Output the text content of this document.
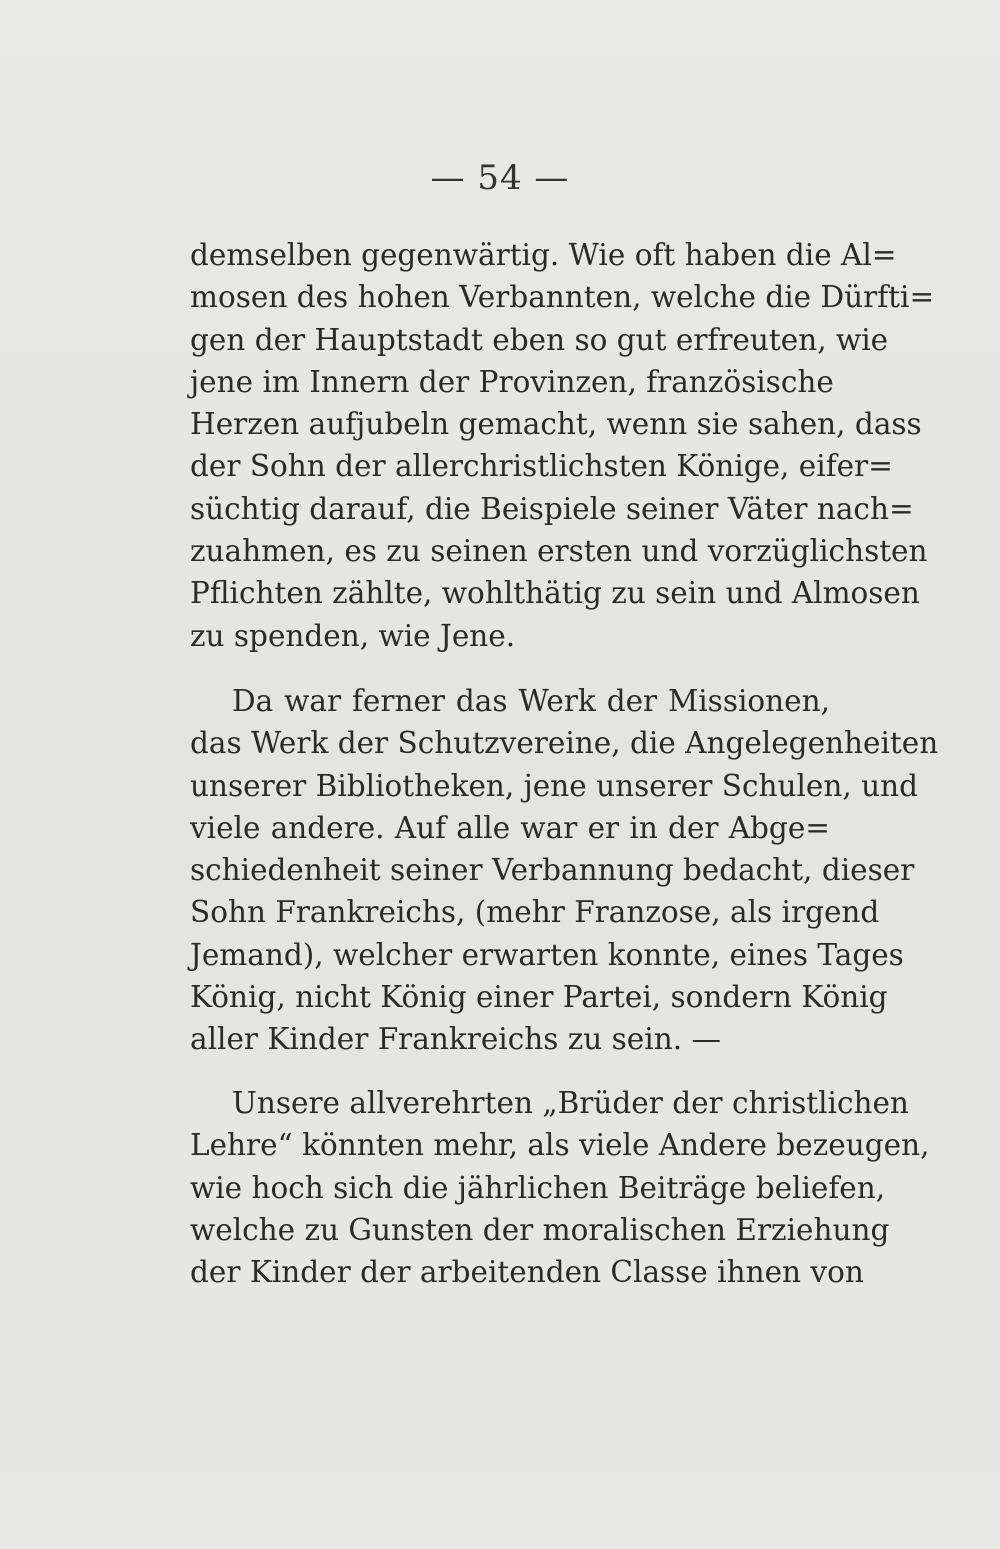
— 54 —
demselben gegenwärtig. Wie oft haben die Al=
mosen des hohen Verbannten, welche die Dürfti=
gen der Hauptstadt eben so gut erfreuten, wie
jene im Innern der Provinzen, französische
Herzen aufjubeln gemacht, wenn sie sahen, dass
der Sohn der allerchristlichsten Könige, eifer=
süchtig darauf, die Beispiele seiner Väter nach=
zuahmen, es zu seinen ersten und vorzüglichsten
Pflichten zählte, wohlthätig zu sein und Almosen
zu spenden, wie Jene.
Da war ferner das Werk der Missionen,
das Werk der Schutzvereine, die Angelegenheiten
unserer Bibliotheken, jene unserer Schulen, und
viele andere. Auf alle war er in der Abge=
schiedenheit seiner Verbannung bedacht, dieser
Sohn Frankreichs, (mehr Franzose, als irgend
Jemand), welcher erwarten konnte, eines Tages
König, nicht König einer Partei, sondern König
aller Kinder Frankreichs zu sein. —
Unsere allverehrten „Brüder der christlichen
Lehre“ könnten mehr, als viele Andere bezeugen,
wie hoch sich die jährlichen Beiträge beliefen,
welche zu Gunsten der moralischen Erziehung
der Kinder der arbeitenden Classe ihnen von
